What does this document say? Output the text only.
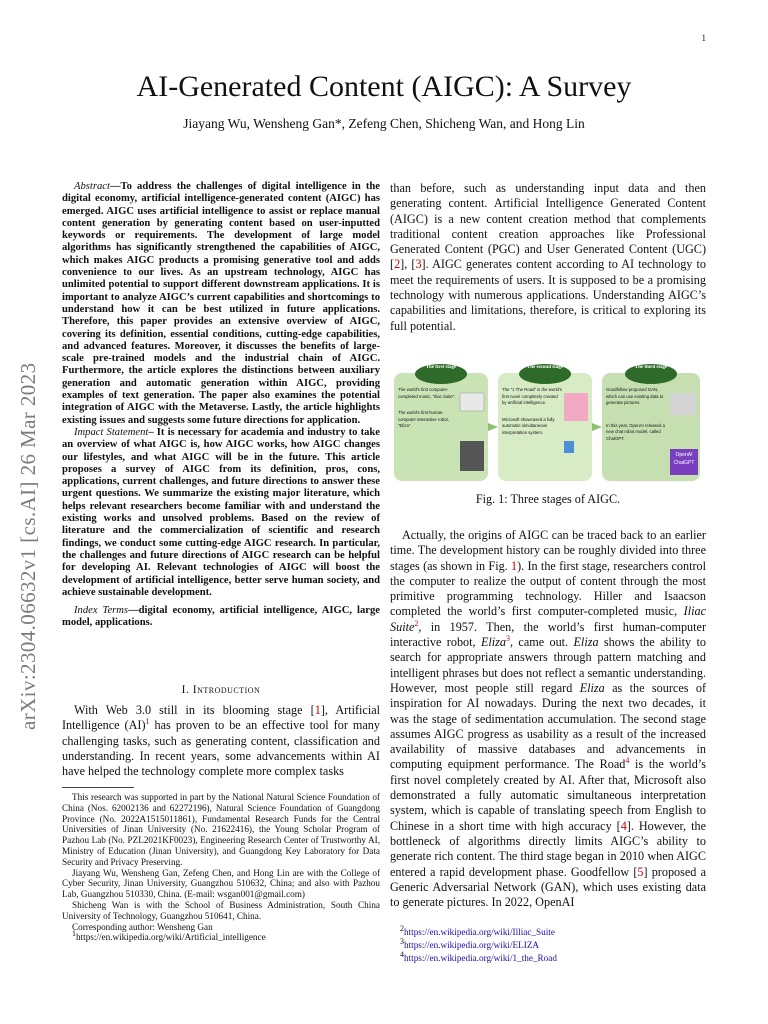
1
AI-Generated Content (AIGC): A Survey
Jiayang Wu, Wensheng Gan*, Zefeng Chen, Shicheng Wan, and Hong Lin
arXiv:2304.06632v1 [cs.AI] 26 Mar 2023

Abstract—To address the challenges of digital intelligence in the digital economy, artificial intelligence-generated content (AIGC) has emerged. AIGC uses artificial intelligence to assist or replace manual content generation by generating content based on user-inputted keywords or requirements. The development of large model algorithms has significantly strengthened the capabilities of AIGC, which makes AIGC products a promising generative tool and adds convenience to our lives. As an upstream technology, AIGC has unlimited potential to support different downstream applications. It is important to analyze AIGC’s current capabilities and shortcomings to understand how it can be best utilized in future applications. Therefore, this paper provides an extensive overview of AIGC, covering its definition, essential conditions, cutting-edge capabilities, and advanced features. Moreover, it discusses the benefits of large-scale pre-trained models and the industrial chain of AIGC. Furthermore, the article explores the distinctions between auxiliary generation and automatic generation within AIGC, providing examples of text generation. The paper also examines the potential integration of AIGC with the Metaverse. Lastly, the article highlights existing issues and suggests some future directions for application.

Impact Statement– It is necessary for academia and industry to take an overview of what AIGC is, how AIGC works, how AIGC changes our lifestyles, and what AIGC will be in the future. This article proposes a survey of AIGC from its definition, pros, cons, applications, current challenges, and future directions to answer these urgent questions. We summarize the existing major literature, which helps relevant researchers become familiar with and understand the existing works and unsolved problems. Based on the review of literature and the commercialization of scientific and research findings, we conduct some cutting-edge AIGC research. In particular, the challenges and future directions of AIGC research can be helpful for developing AI. Relevant technologies of AIGC will boost the development of artificial intelligence, better serve human society, and achieve sustainable development.

Index Terms—digital economy, artificial intelligence, AIGC, large model, applications.

I. Introduction
With Web 3.0 still in its blooming stage [1], Artificial Intelligence (AI)$^1$ has proven to be an effective tool for many challenging tasks, such as generating content, classification and understanding. In recent years, some advancements within AI have helped the technology complete more complex tasks

This research was supported in part by the National Natural Science Foundation of China (Nos. 62002136 and 62272196), Natural Science Foundation of Guangdong Province (No. 2022A1515011861), Fundamental Research Funds for the Central Universities of Jinan University (No. 21622416), the Young Scholar Program of Pazhou Lab (No. PZL2021KF0023), Engineering Research Center of Trustworthy AI, Ministry of Education (Jinan University), and Guangdong Key Laboratory for Data Security and Privacy Preserving.

Jiayang Wu, Wensheng Gan, Zefeng Chen, and Hong Lin are with the College of Cyber Security, Jinan University, Guangzhou 510632, China; and also with Pazhou Lab, Guangzhou 510330, China. (E-mail: wsgan001@gmail.com)

Shicheng Wan is with the School of Business Administration, South China University of Technology, Guangzhou 510641, China.

Corresponding author: Wensheng Gan

1https://en.wikipedia.org/wiki/Artificial_intelligence

than before, such as understanding input data and then generating content. Artificial Intelligence Generated Content (AIGC) is a new content creation method that complements traditional content creation approaches like Professional Generated Content (PGC) and User Generated Content (UGC) [2], [3]. AIGC generates content according to AI technology to meet the requirements of users. It is supposed to be a promising technology with numerous applications. Understanding AIGC’s capabilities and limitations, therefore, is critical to exploring its full potential.
The first stage	The second stage	The third stage
The world's first computer-completed music, "Iliac Suite".
The world's first human-computer interactive robot, "Eliza".
The "1 The Road" is the world's first novel completely created by artificial intelligence.
Microsoft showcased a fully automatic simultaneous interpretation system.
Goodfellow proposed GAN, which can use existing data to generate pictures.
In this year, OpenAI released a new chat robot model, called ChatGPT.
OpenAI
ChatGPT
Fig. 1: Three stages of AIGC.
Actually, the origins of AIGC can be traced back to an earlier time. The development history can be roughly divided into three stages (as shown in Fig. 1). In the first stage, researchers control the computer to realize the output of content through the most primitive programming technology. Hiller and Isaacson completed the world’s first computer-completed music, Iliac Suite$^2$, in 1957. Then, the world’s first human-computer interactive robot, Eliza$^3$, came out. Eliza shows the ability to search for appropriate answers through pattern matching and intelligent phrases but does not reflect a semantic understanding. However, most people still regard Eliza as the sources of inspiration for AI nowadays. During the next two decades, it was the stage of sedimentation accumulation. The second stage assumes AIGC progress as usability as a result of the increased availability of massive databases and advancements in computing equipment performance. The Road$^4$ is the world’s first novel completely created by AI. After that, Microsoft also demonstrated a fully automatic simultaneous interpretation system, which is capable of translating speech from English to Chinese in a short time with high accuracy [4]. However, the bottleneck of algorithms directly limits AIGC’s ability to generate rich content. The third stage began in 2010 when AIGC entered a rapid development phase. Goodfellow [5] proposed a Generic Adversarial Network (GAN), which uses existing data to generate pictures. In 2022, OpenAI
2https://en.wikipedia.org/wiki/Illiac_Suite
3https://en.wikipedia.org/wiki/ELIZA
4https://en.wikipedia.org/wiki/1_the_Road
